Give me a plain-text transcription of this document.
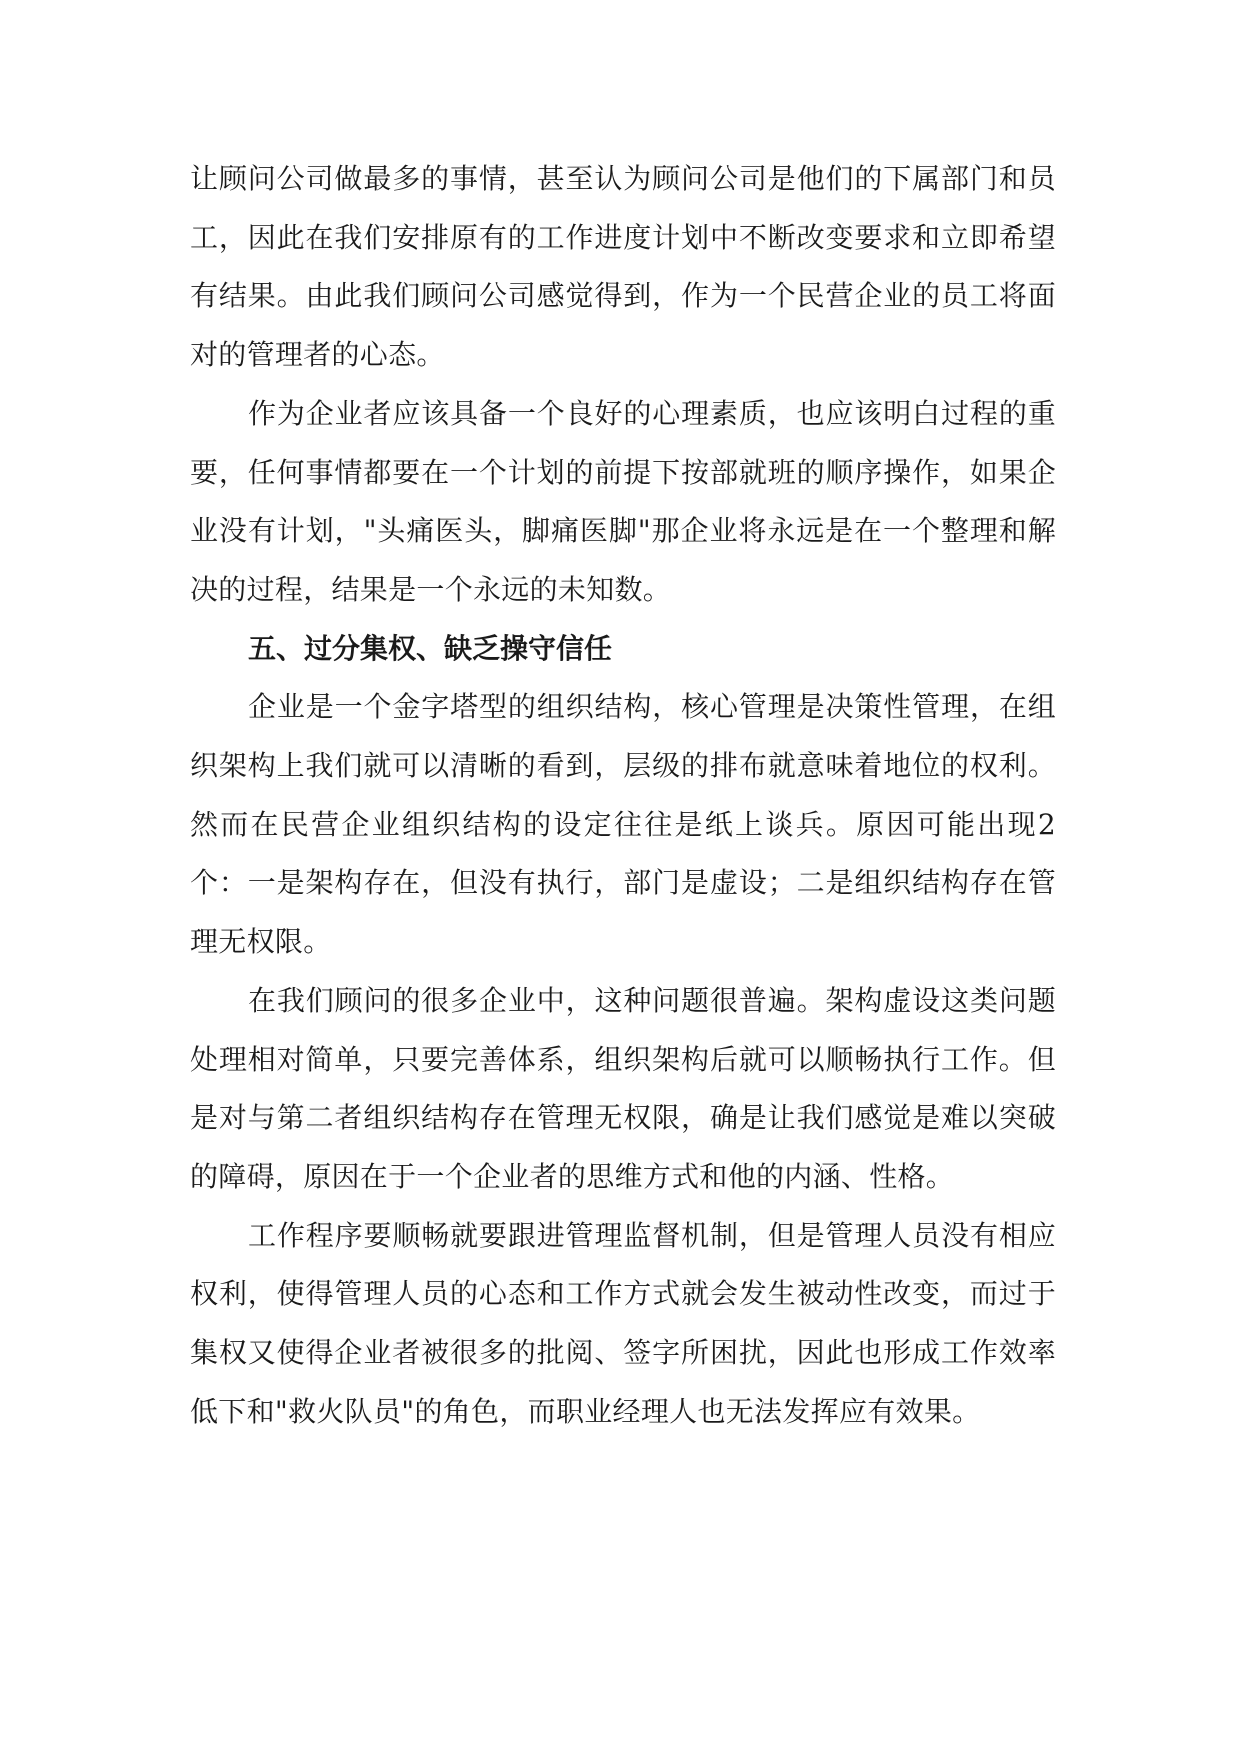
让顾问公司做最多的事情，甚至认为顾问公司是他们的下属部门和员工，因此在我们安排原有的工作进度计划中不断改变要求和立即希望有结果。由此我们顾问公司感觉得到，作为一个民营企业的员工将面对的管理者的心态。

作为企业者应该具备一个良好的心理素质，也应该明白过程的重要，任何事情都要在一个计划的前提下按部就班的顺序操作，如果企业没有计划，"头痛医头，脚痛医脚"那企业将永远是在一个整理和解决的过程，结果是一个永远的未知数。

五、过分集权、缺乏操守信任

企业是一个金字塔型的组织结构，核心管理是决策性管理，在组织架构上我们就可以清晰的看到，层级的排布就意味着地位的权利。然而在民营企业组织结构的设定往往是纸上谈兵。原因可能出现2个：一是架构存在，但没有执行，部门是虚设；二是组织结构存在管理无权限。

在我们顾问的很多企业中，这种问题很普遍。架构虚设这类问题处理相对简单，只要完善体系，组织架构后就可以顺畅执行工作。但是对与第二者组织结构存在管理无权限，确是让我们感觉是难以突破的障碍，原因在于一个企业者的思维方式和他的内涵、性格。

工作程序要顺畅就要跟进管理监督机制，但是管理人员没有相应权利，使得管理人员的心态和工作方式就会发生被动性改变，而过于集权又使得企业者被很多的批阅、签字所困扰，因此也形成工作效率低下和"救火队员"的角色，而职业经理人也无法发挥应有效果。
